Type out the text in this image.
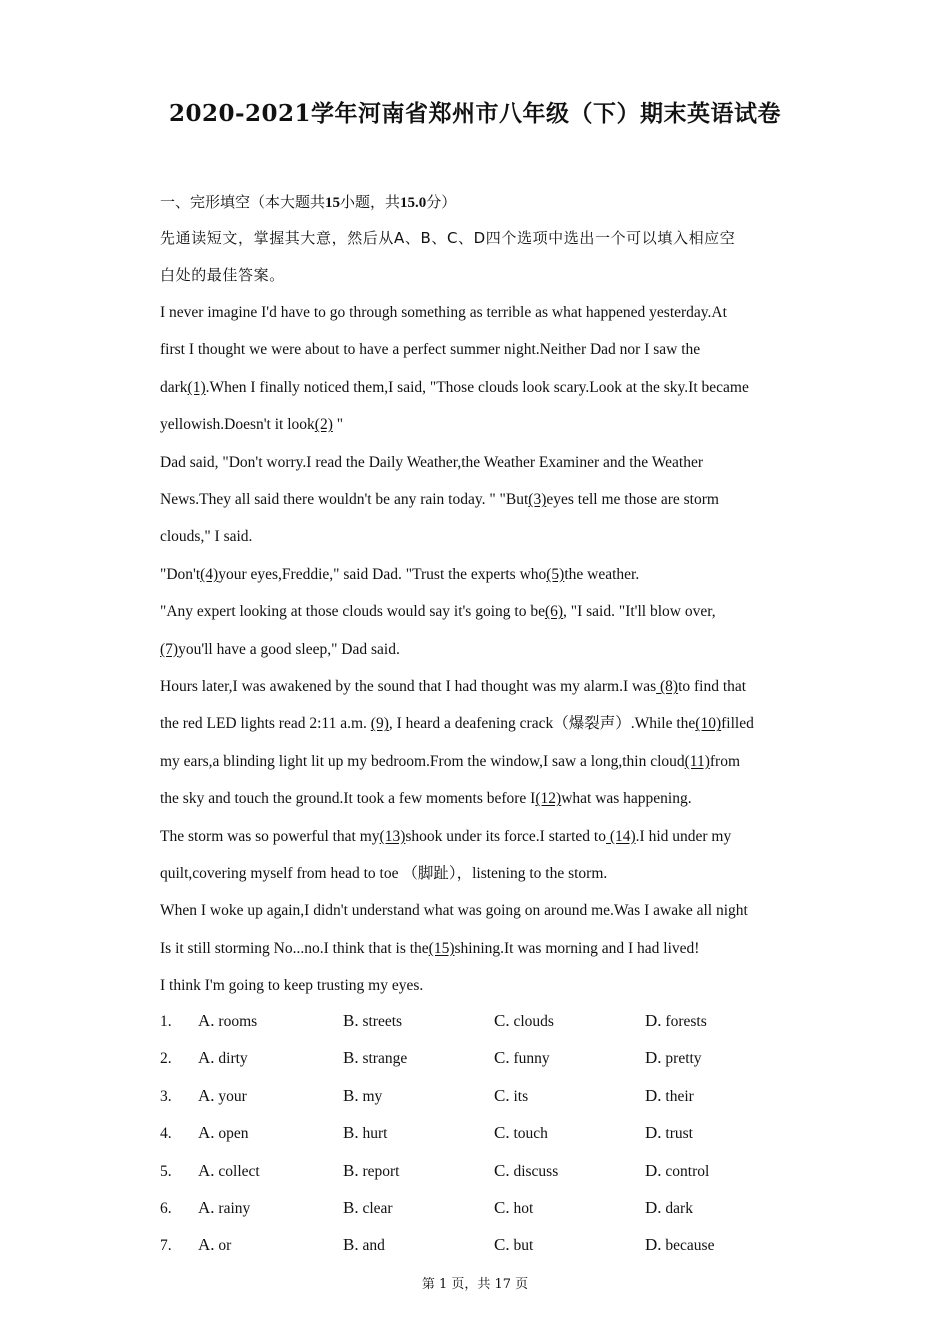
2020-2021学年河南省郑州市八年级（下）期末英语试卷
一、完形填空（本大题共15小题，共15.0分）
先通读短文，掌握其大意，然后从A、B、C、D四个选项中选出一个可以填入相应空
白处的最佳答案。
I never imagine I'd have to go through something as terrible as what happened yesterday.At
first I thought we were about to have a perfect summer night.Neither Dad nor I saw the
dark(1).When I finally noticed them,I said, "Those clouds look scary.Look at the sky.It became
yellowish.Doesn't it look(2) "
Dad said, "Don't worry.I read the Daily Weather,the Weather Examiner and the Weather
News.They all said there wouldn't be any rain today. " "But(3)eyes tell me those are storm
clouds," I said.
"Don't(4)your eyes,Freddie," said Dad. "Trust the experts who(5)the weather.
"Any expert looking at those clouds would say it's going to be(6), "I said. "It'll blow over,
(7)you'll have a good sleep," Dad said.
Hours later,I was awakened by the sound that I had thought was my alarm.I was (8)to find that
the red LED lights read 2:11 a.m. (9), I heard a deafening crack（爆裂声）.While the(10)filled
my ears,a blinding light lit up my bedroom.From the window,I saw a long,thin cloud(11)from
the sky and touch the ground.It took a few moments before I(12)what was happening.
The storm was so powerful that my(13)shook under its force.I started to (14).I hid under my
quilt,covering myself from head to toe （脚趾），listening to the storm.
When I woke up again,I didn't understand what was going on around me.Was I awake all night
Is it still storming No...no.I think that is the(15)shining.It was morning and I had lived!
I think I'm going to keep trusting my eyes.
1. A. rooms	B. streets	C. clouds	D. forests
2. A. dirty	B. strange	C. funny	D. pretty
3. A. your	B. my	C. its	D. their
4. A. open	B. hurt	C. touch	D. trust
5. A. collect	B. report	C. discuss	D. control
6. A. rainy	B. clear	C. hot	D. dark
7. A. or	B. and	C. but	D. because
第 1 页，共 17 页
